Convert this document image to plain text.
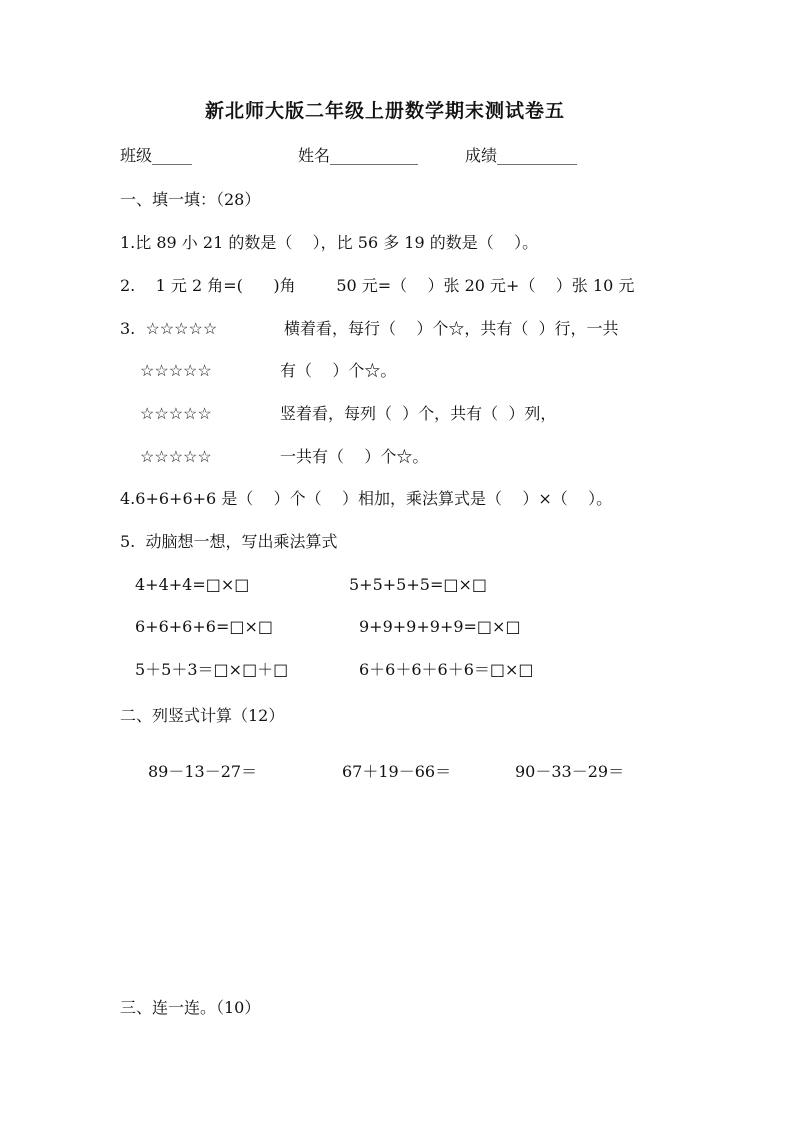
新北师大版二年级上册数学期末测试卷五
班级_____	姓名___________	成绩__________
一、填一填：（28）
1.比 89 小 21 的数是（    ），比 56 多 19 的数是（    ）。
2.    1 元 2 角=(      )角        50 元=（    ）张 20 元+（    ）张 10 元
3.  ☆☆☆☆☆	横着看，每行（    ）个☆，共有（  ）行，一共
☆☆☆☆☆	有（    ）个☆。
☆☆☆☆☆	竖着看，每列（  ）个，共有（  ）列，
☆☆☆☆☆	一共有（    ）个☆。
4.6+6+6+6 是（    ）个（    ）相加，乘法算式是（    ）×（    ）。
5.  动脑想一想，写出乘法算式
4+4+4=□×□	5+5+5+5=□×□
6+6+6+6=□×□	9+9+9+9+9=□×□
5＋5＋3＝□×□＋□	6＋6＋6＋6＋6＝□×□
二、列竖式计算（12）
89－13－27＝	67＋19－66＝	90－33－29＝
三、连一连。（10）
